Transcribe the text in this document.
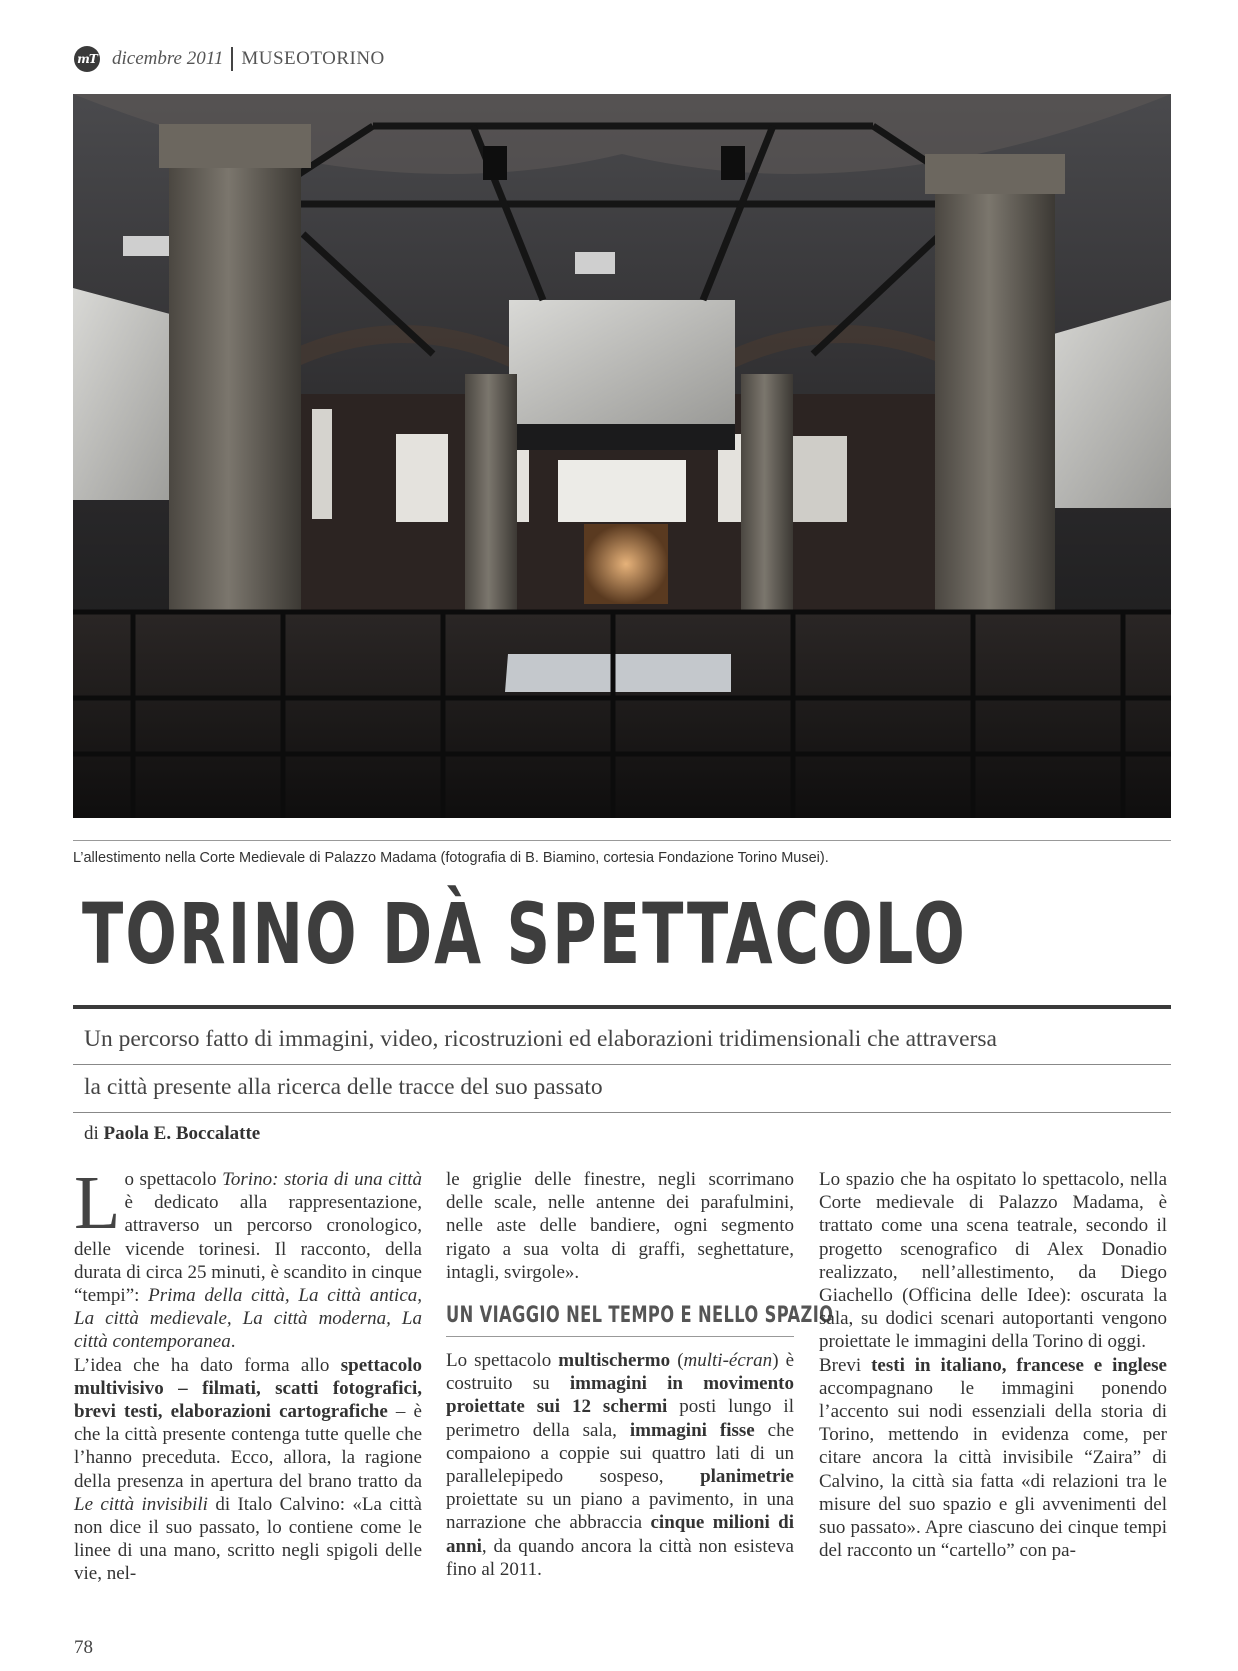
mT dicembre 2011 MUSEOTORINO
L’allestimento nella Corte Medievale di Palazzo Madama (fotografia di B. Biamino, cortesia Fondazione Torino Musei).
TORINO DÀ SPETTACOLO
Un percorso fatto di immagini, video, ricostruzioni ed elaborazioni tridimensionali che attraversa
la città presente alla ricerca delle tracce del suo passato
di Paola E. Boccalatte

Lo spettacolo Torino: storia di una città è dedicato alla rappresentazione, attraverso un percorso cronologico, delle vicende torinesi. Il racconto, della durata di circa 25 minuti, è scandito in cinque “tempi”: Prima della città, La città antica, La città medievale, La città moderna, La città contemporanea.

L’idea che ha dato forma allo spettacolo multivisivo – filmati, scatti fotografici, brevi testi, elaborazioni cartografiche – è che la città presente contenga tutte quelle che l’hanno preceduta. Ecco, allora, la ragione della presenza in apertura del brano tratto da Le città invisibili di Italo Calvino: «La città non dice il suo passato, lo contiene come le linee di una mano, scritto negli spigoli delle vie, nel-

le griglie delle finestre, negli scorrimano delle scale, nelle antenne dei parafulmini, nelle aste delle bandiere, ogni segmento rigato a sua volta di graffi, seghettature, intagli, svirgole».

UN VIAGGIO NEL TEMPO E NELLO SPAZIO

Lo spettacolo multischermo (multi-écran) è costruito su immagini in movimento proiettate sui 12 schermi posti lungo il perimetro della sala, immagini fisse che compaiono a coppie sui quattro lati di un parallelepipedo sospeso, planimetrie proiettate su un piano a pavimento, in una narrazione che abbraccia cinque milioni di anni, da quando ancora la città non esisteva fino al 2011.

Lo spazio che ha ospitato lo spettacolo, nella Corte medievale di Palazzo Madama, è trattato come una scena teatrale, secondo il progetto scenografico di Alex Donadio realizzato, nell’allestimento, da Diego Giachello (Officina delle Idee): oscurata la sala, su dodici scenari autoportanti vengono proiettate le immagini della Torino di oggi.

Brevi testi in italiano, francese e inglese accompagnano le immagini ponendo l’accento sui nodi essenziali della storia di Torino, mettendo in evidenza come, per citare ancora la città invisibile “Zaira” di Calvino, la città sia fatta «di relazioni tra le misure del suo spazio e gli avvenimenti del suo passato». Apre ciascuno dei cinque tempi del racconto un “cartello” con pa-

78
